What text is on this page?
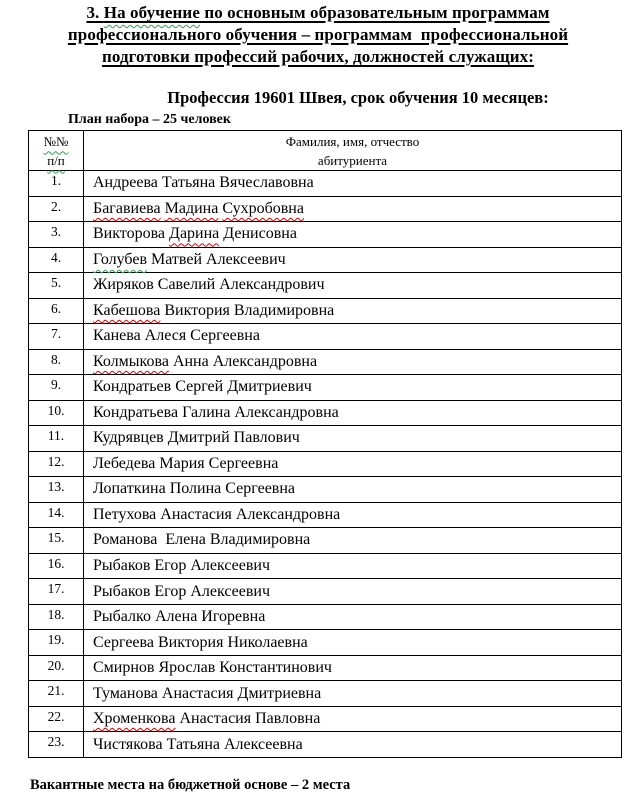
3. На обучение по основным образовательным программам
профессионального обучения – программам  профессиональной
подготовки профессий рабочих, должностей служащих:
Профессия 19601 Швея, срок обучения 10 месяцев:
План набора – 25 человек
№№
п/п

Фамилия, имя, отчество
абитуриента

1.	Андреева Татьяна Вячеславовна
2.	Багавиева Мадина Сухробовна
3.	Викторова Дарина Денисовна
4.	Голубев Матвей Алексеевич
5.	Жиряков Савелий Александрович
6.	Кабешова Виктория Владимировна
7.	Канева Алеся Сергеевна
8.	Колмыкова Анна Александровна
9.	Кондратьев Сергей Дмитриевич
10.	Кондратьева Галина Александровна
11.	Кудрявцев Дмитрий Павлович
12.	Лебедева Мария Сергеевна
13.	Лопаткина Полина Сергеевна
14.	Петухова Анастасия Александровна
15.	Романова Елена Владимировна
16.	Рыбаков Егор Алексеевич
17.	Рыбаков Егор Алексеевич
18.	Рыбалко Алена Игоревна
19.	Сергеева Виктория Николаевна
20.	Смирнов Ярослав Константинович
21.	Туманова Анастасия Дмитриевна
22.	Хроменкова Анастасия Павловна
23.	Чистякова Татьяна Алексеевна
Вакантные места на бюджетной основе – 2 места
